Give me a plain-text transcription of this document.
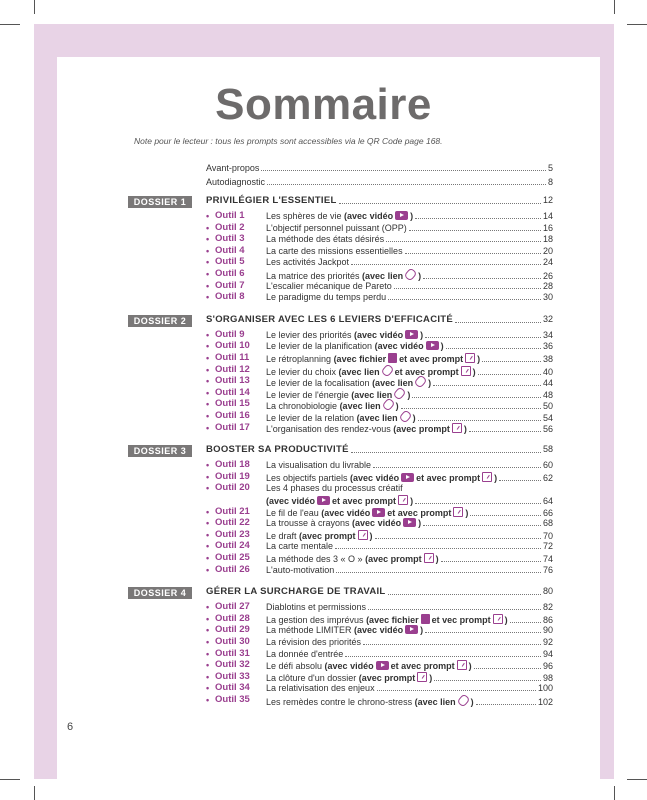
Sommaire
Note pour le lecteur : tous les prompts sont accessibles via le QR Code page 168.
Avant-propos	5
Autodiagnostic	8
DOSSIER 1	PRIVILÉGIER L'ESSENTIEL	12
• Outil 1 Les sphères de vie (avec vidéo )	14
• Outil 2 L'objectif personnel puissant (OPP)	16
• Outil 3 La méthode des états désirés	18
• Outil 4 La carte des missions essentielles	20
• Outil 5 Les activités Jackpot	24
• Outil 6 La matrice des priorités (avec lien )	26
• Outil 7 L'escalier mécanique de Pareto	28
• Outil 8 Le paradigme du temps perdu	30
DOSSIER 2	S'ORGANISER AVEC LES 6 LEVIERS D'EFFICACITÉ	32
• Outil 9 Le levier des priorités (avec vidéo )	34
• Outil 10 Le levier de la planification (avec vidéo )	36
• Outil 11 Le rétroplanning (avec fichier et avec prompt )	38
• Outil 12 Le levier du choix (avec lien et avec prompt )	40
• Outil 13 Le levier de la focalisation (avec lien )	44
• Outil 14 Le levier de l'énergie (avec lien )	48
• Outil 15 La chronobiologie (avec lien )	50
• Outil 16 Le levier de la relation (avec lien )	54
• Outil 17 L'organisation des rendez-vous (avec prompt )	56
DOSSIER 3	BOOSTER SA PRODUCTIVITÉ	58
• Outil 18 La visualisation du livrable	60
• Outil 19 Les objectifs partiels (avec vidéo et avec prompt )	62
• Outil 20 Les 4 phases du processus créatif
(avec vidéo et avec prompt )	64
• Outil 21 Le fil de l'eau (avec vidéo et avec prompt )	66
• Outil 22 La trousse à crayons (avec vidéo )	68
• Outil 23 Le draft (avec prompt )	70
• Outil 24 La carte mentale	72
• Outil 25 La méthode des 3 « O » (avec prompt )	74
• Outil 26 L'auto-motivation	76
DOSSIER 4	GÉRER LA SURCHARGE DE TRAVAIL	80
• Outil 27 Diablotins et permissions	82
• Outil 28 La gestion des imprévus (avec fichier et vec prompt )	86
• Outil 29 La méthode LIMITER (avec vidéo )	90
• Outil 30 La révision des priorités	92
• Outil 31 La donnée d'entrée	94
• Outil 32 Le défi absolu (avec vidéo et avec prompt )	96
• Outil 33 La clôture d'un dossier (avec prompt )	98
• Outil 34 La relativisation des enjeux	100
• Outil 35 Les remèdes contre le chrono-stress (avec lien )	102
6
